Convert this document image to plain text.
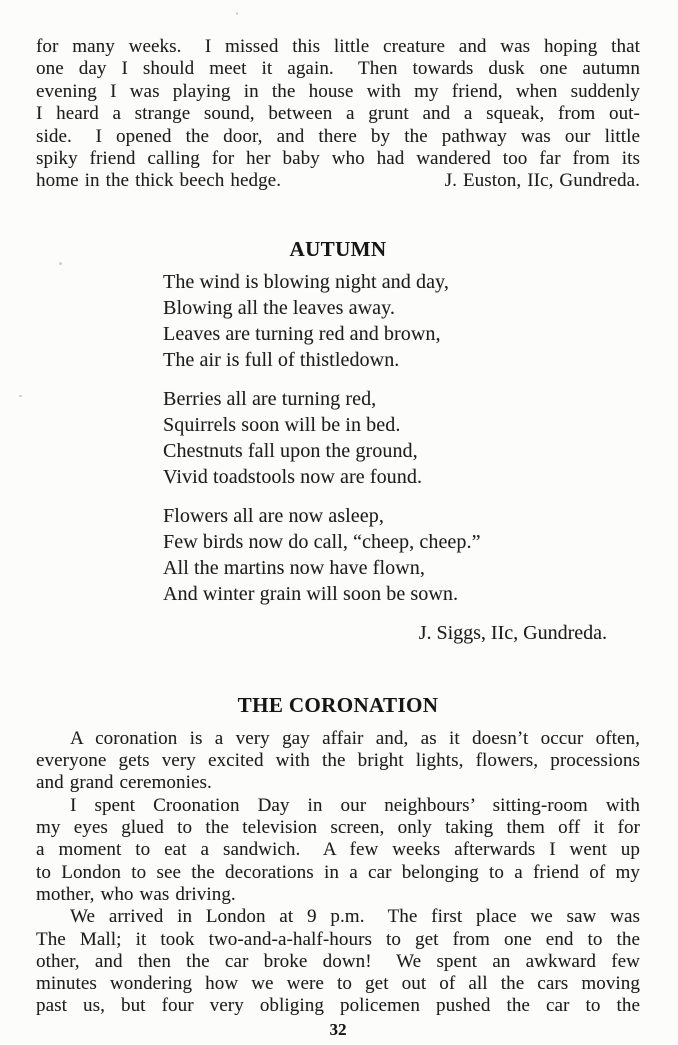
for many weeks.  I missed this little creature and was hoping that
one day I should meet it again.  Then towards dusk one autumn
evening I was playing in the house with my friend, when suddenly
I heard a strange sound, between a grunt and a squeak, from out-
side.  I opened the door, and there by the pathway was our little
spiky friend calling for her baby who had wandered too far from its
home in the thick beech hedge.	J. Euston, IIc, Gundreda.
AUTUMN
The wind is blowing night and day,
Blowing all the leaves away.
Leaves are turning red and brown,
The air is full of thistledown.
Berries all are turning red,
Squirrels soon will be in bed.
Chestnuts fall upon the ground,
Vivid toadstools now are found.
Flowers all are now asleep,
Few birds now do call, “cheep, cheep.”
All the martins now have flown,
And winter grain will soon be sown.
J. Siggs, IIc, Gundreda.
THE CORONATION
A coronation is a very gay affair and, as it doesn’t occur often,
everyone gets very excited with the bright lights, flowers, processions
and grand ceremonies.
I spent Croonation Day in our neighbours’ sitting-room with
my eyes glued to the television screen, only taking them off it for
a moment to eat a sandwich.  A few weeks afterwards I went up
to London to see the decorations in a car belonging to a friend of my
mother, who was driving.
We arrived in London at 9 p.m.  The first place we saw was
The Mall; it took two-and-a-half-hours to get from one end to the
other, and then the car broke down!  We spent an awkward few
minutes wondering how we were to get out of all the cars moving
past us, but four very obliging policemen pushed the car to the
32
